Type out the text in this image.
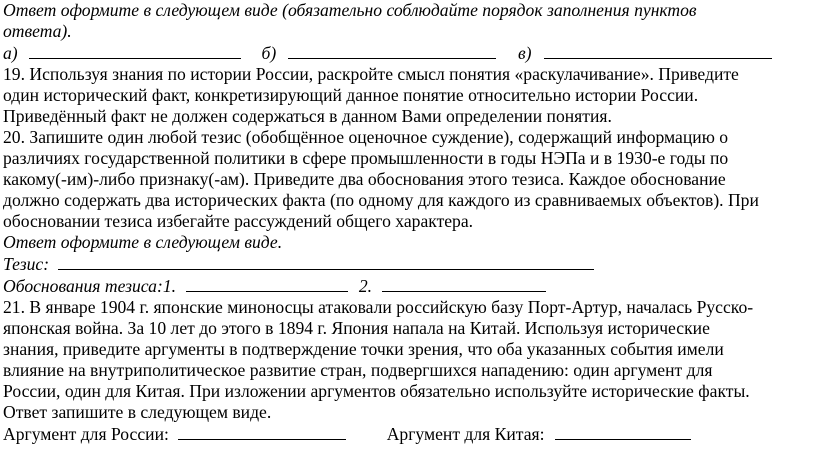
Ответ оформите в следующем виде (обязательно соблюдайте порядок заполнения пунктов
ответа).
а)	б)	в)
19. Используя знания по истории России, раскройте смысл понятия «раскулачивание». Приведите
один исторический факт, конкретизирующий данное понятие относительно истории России.
Приведённый факт не должен содержаться в данном Вами определении понятия.
20. Запишите один любой тезис (обобщённое оценочное суждение), содержащий информацию о
различиях государственной политики в сфере промышленности в годы НЭПа и в 1930-е годы по
какому(-им)-либо признаку(-ам). Приведите два обоснования этого тезиса. Каждое обоснование
должно содержать два исторических факта (по одному для каждого из сравниваемых объектов). При
обосновании тезиса избегайте рассуждений общего характера.
Ответ оформите в следующем виде.
Тезис:
Обоснования тезиса:1.	2.
21. В январе 1904 г. японские миноносцы атаковали российскую базу Порт-Артур, началась Русско-
японская война. За 10 лет до этого в 1894 г. Япония напала на Китай. Используя исторические
знания, приведите аргументы в подтверждение точки зрения, что оба указанных события имели
влияние на внутриполитическое развитие стран, подвергшихся нападению: один аргумент для
России, один для Китая. При изложении аргументов обязательно используйте исторические факты.
Ответ запишите в следующем виде.
Аргумент для России:	Аргумент для Китая:
